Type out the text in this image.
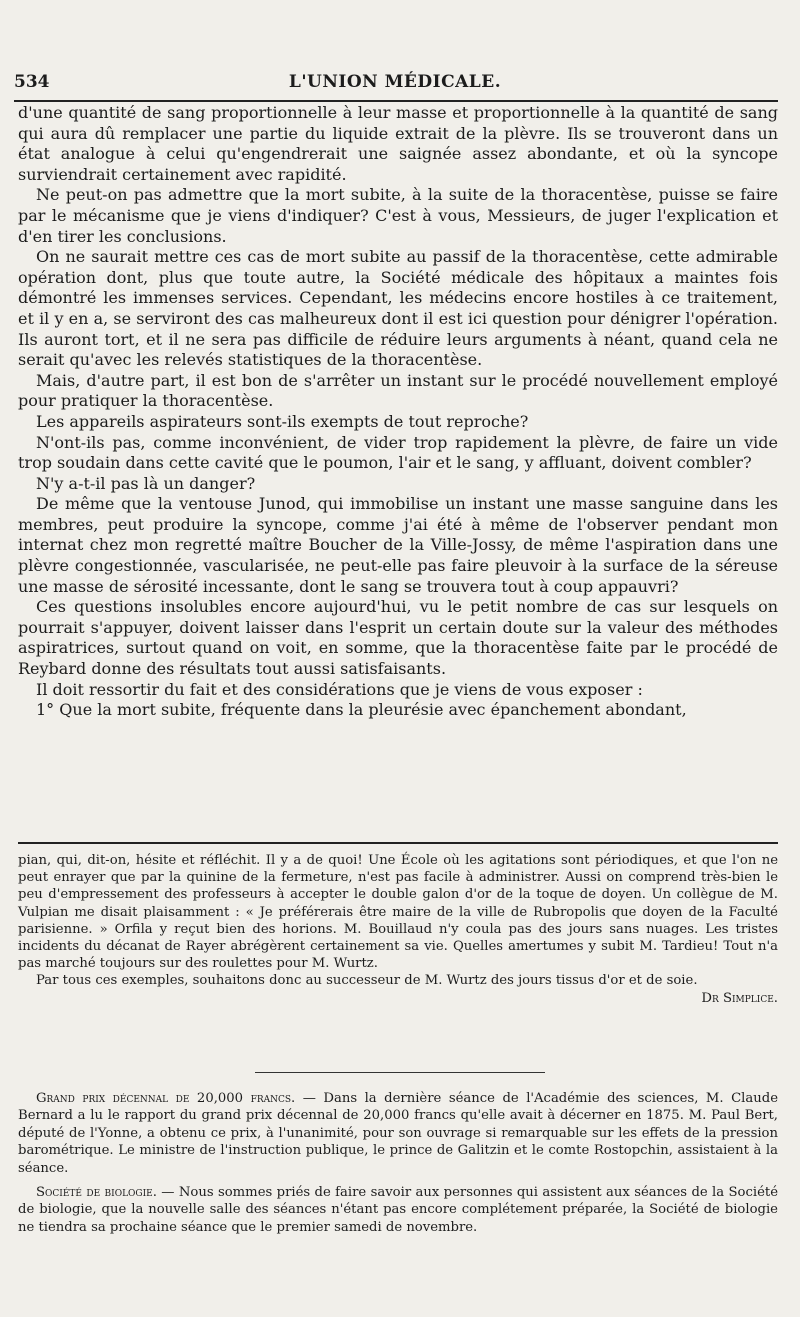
534	L'UNION MÉDICALE.

d'une quantité de sang proportionnelle à leur masse et proportionnelle à la quantité de sang qui aura dû remplacer une partie du liquide extrait de la plèvre. Ils se trouveront dans un état analogue à celui qu'engendrerait une saignée assez abondante, et où la syncope surviendrait certainement avec rapidité.

Ne peut-on pas admettre que la mort subite, à la suite de la thoracentèse, puisse se faire par le mécanisme que je viens d'indiquer? C'est à vous, Messieurs, de juger l'explication et d'en tirer les conclusions.

On ne saurait mettre ces cas de mort subite au passif de la thoracentèse, cette admirable opération dont, plus que toute autre, la Société médicale des hôpitaux a maintes fois démontré les immenses services. Cependant, les médecins encore hostiles à ce traitement, et il y en a, se serviront des cas malheureux dont il est ici question pour dénigrer l'opération. Ils auront tort, et il ne sera pas difficile de réduire leurs arguments à néant, quand cela ne serait qu'avec les relevés statistiques de la thoracentèse.

Mais, d'autre part, il est bon de s'arrêter un instant sur le procédé nouvellement employé pour pratiquer la thoracentèse.

Les appareils aspirateurs sont-ils exempts de tout reproche?

N'ont-ils pas, comme inconvénient, de vider trop rapidement la plèvre, de faire un vide trop soudain dans cette cavité que le poumon, l'air et le sang, y affluant, doivent combler?

N'y a-t-il pas là un danger?

De même que la ventouse Junod, qui immobilise un instant une masse sanguine dans les membres, peut produire la syncope, comme j'ai été à même de l'observer pendant mon internat chez mon regretté maître Boucher de la Ville-Jossy, de même l'aspiration dans une plèvre congestionnée, vascularisée, ne peut-elle pas faire pleuvoir à la surface de la séreuse une masse de sérosité incessante, dont le sang se trouvera tout à coup appauvri?

Ces questions insolubles encore aujourd'hui, vu le petit nombre de cas sur lesquels on pourrait s'appuyer, doivent laisser dans l'esprit un certain doute sur la valeur des méthodes aspiratrices, surtout quand on voit, en somme, que la thoracentèse faite par le procédé de Reybard donne des résultats tout aussi satisfaisants.

Il doit ressortir du fait et des considérations que je viens de vous exposer :

1° Que la mort subite, fréquente dans la pleurésie avec épanchement abondant,

pian, qui, dit-on, hésite et réfléchit. Il y a de quoi! Une École où les agitations sont périodiques, et que l'on ne peut enrayer que par la quinine de la fermeture, n'est pas facile à administrer. Aussi on comprend très-bien le peu d'empressement des professeurs à accepter le double galon d'or de la toque de doyen. Un collègue de M. Vulpian me disait plaisamment : « Je préférerais être maire de la ville de Rubropolis que doyen de la Faculté parisienne. » Orfila y reçut bien des horions. M. Bouillaud n'y coula pas des jours sans nuages. Les tristes incidents du décanat de Rayer abrégèrent certainement sa vie. Quelles amertumes y subit M. Tardieu! Tout n'a pas marché toujours sur des roulettes pour M. Wurtz.

Par tous ces exemples, souhaitons donc au successeur de M. Wurtz des jours tissus d'or et de soie.
Dr Simplice.

Grand prix décennal de 20,000 francs. — Dans la dernière séance de l'Académie des sciences, M. Claude Bernard a lu le rapport du grand prix décennal de 20,000 francs qu'elle avait à décerner en 1875. M. Paul Bert, député de l'Yonne, a obtenu ce prix, à l'unanimité, pour son ouvrage si remarquable sur les effets de la pression barométrique. Le ministre de l'instruction publique, le prince de Galitzin et le comte Rostopchin, assistaient à la séance.

Société de biologie. — Nous sommes priés de faire savoir aux personnes qui assistent aux séances de la Société de biologie, que la nouvelle salle des séances n'étant pas encore complétement préparée, la Société de biologie ne tiendra sa prochaine séance que le premier samedi de novembre.
